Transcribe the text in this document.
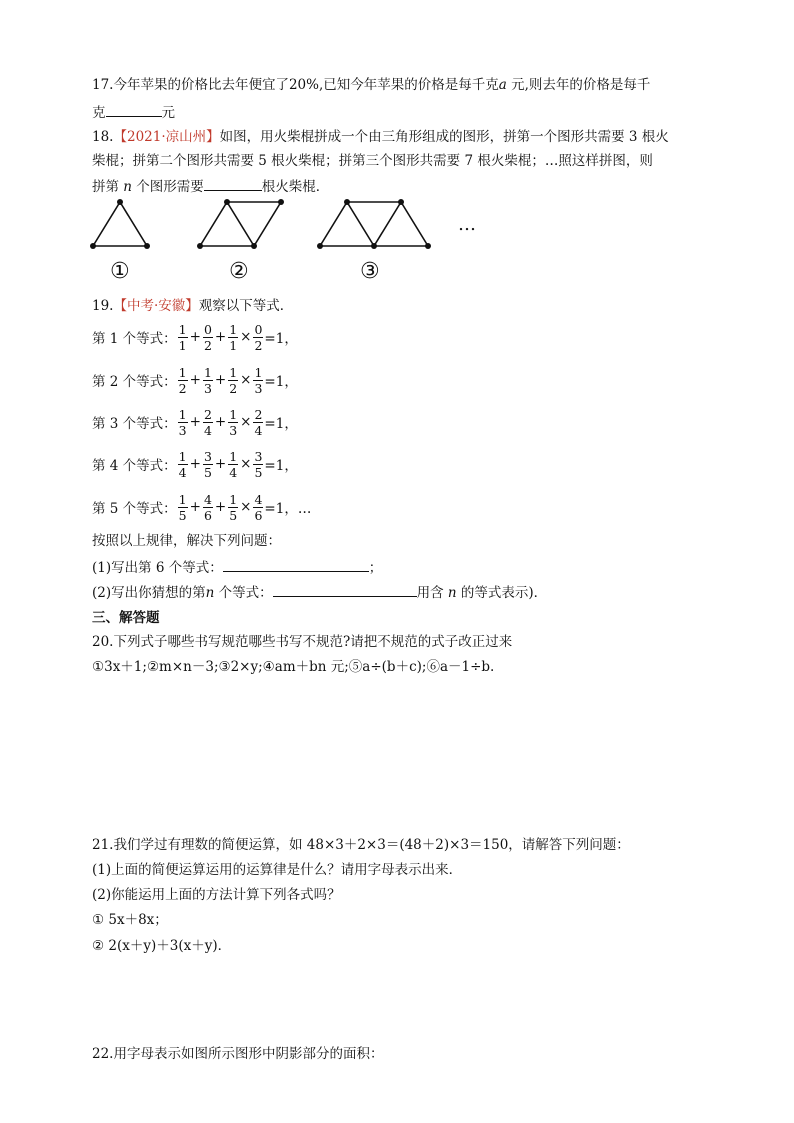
17.今年苹果的价格比去年便宜了20%,已知今年苹果的价格是每千克a 元,则去年的价格是每千
克	元
18.【2021·凉山州】如图，用火柴棍拼成一个由三角形组成的图形，拼第一个图形共需要 3 根火
柴棍；拼第二个图形共需要 5 根火柴棍；拼第三个图形共需要 7 根火柴棍；…照这样拼图，则
拼第 n 个图形需要	根火柴棍．
…
①	②	③
19.【中考·安徽】观察以下等式．
第 1 个等式： $\frac{1}{1} + \frac{0}{2} + \frac{1}{1} \times \frac{0}{2} =1$，
第 2 个等式： $\frac{1}{2} + \frac{1}{3} + \frac{1}{2} \times \frac{1}{3} =1$，
第 3 个等式： $\frac{1}{3} + \frac{2}{4} + \frac{1}{3} \times \frac{2}{4} =1$，
第 4 个等式： $\frac{1}{4} + \frac{3}{5} + \frac{1}{4} \times \frac{3}{5} =1$，
第 5 个等式： $\frac{1}{5} + \frac{4}{6} + \frac{1}{5} \times \frac{4}{6} =1$，…
按照以上规律，解决下列问题：
(1)写出第 6 个等式：	；
(2)写出你猜想的第n 个等式：	用含 n 的等式表示)．
三、解答题
20.下列式子哪些书写规范哪些书写不规范?请把不规范的式子改正过来
①3x＋1;②m×n－3;③2×y;④am＋bn 元;⑤a÷(b＋c);⑥a－1÷b.
21.我们学过有理数的简便运算，如 48×3＋2×3＝(48＋2)×3＝150，请解答下列问题：
(1)上面的简便运算运用的运算律是什么？请用字母表示出来．
(2)你能运用上面的方法计算下列各式吗？
① 5x＋8x；
② 2(x＋y)＋3(x＋y)．
22.用字母表示如图所示图形中阴影部分的面积：
